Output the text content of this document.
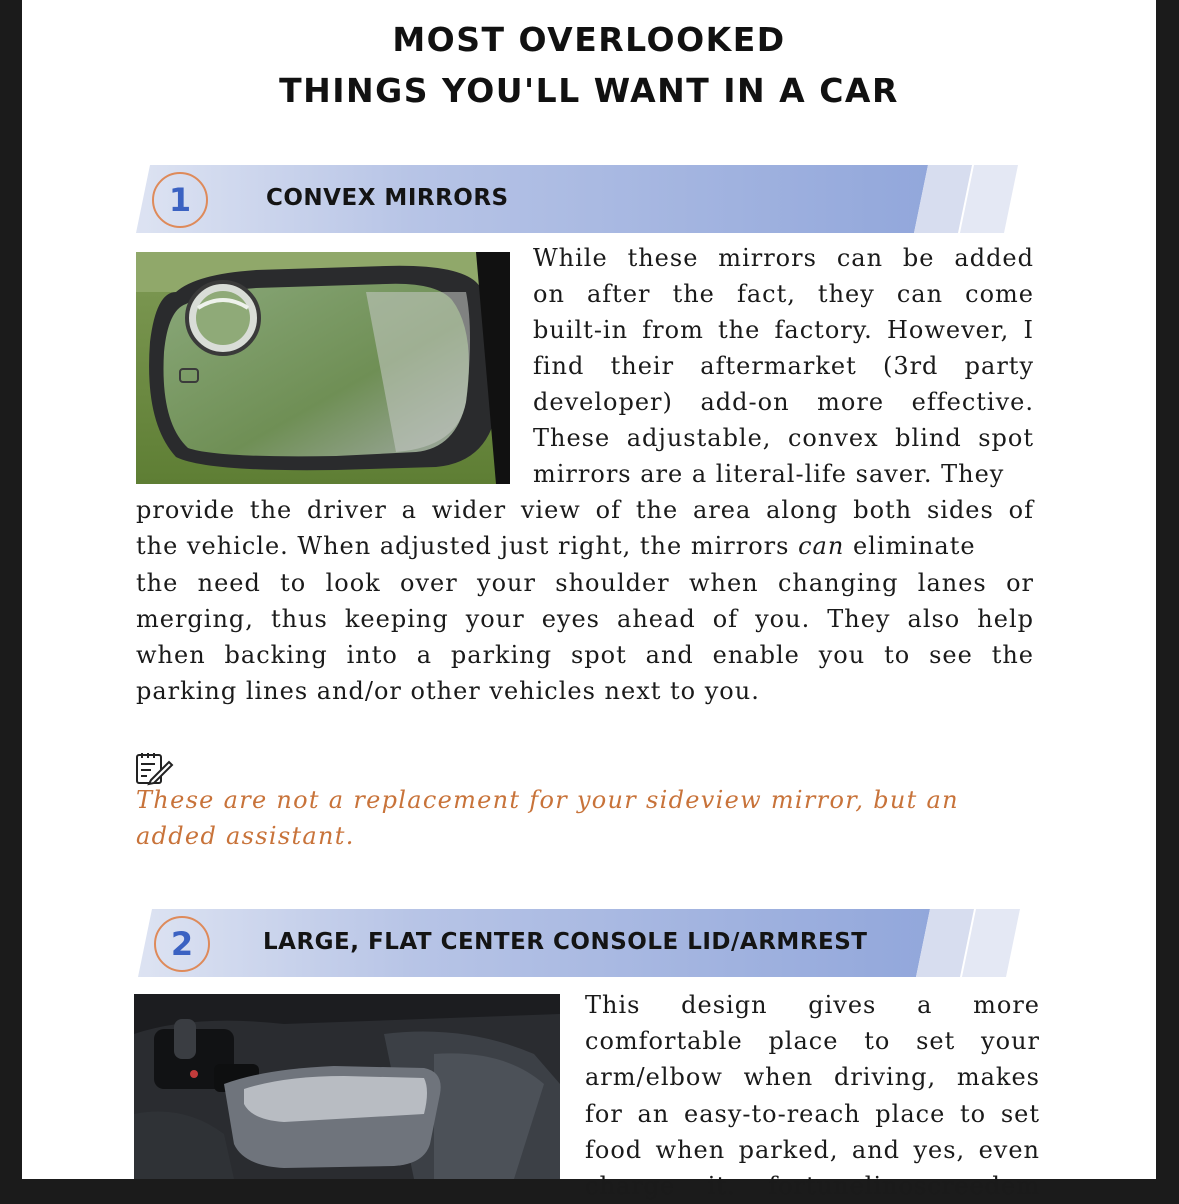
MOST OVERLOOKED
THINGS YOU'LL WANT IN A CAR
1	CONVEX MIRRORS
While these mirrors can be added
on after the fact, they can come
built-in from the factory. However, I
find their aftermarket (3rd party
developer) add-on more effective.
These adjustable, convex blind spot
mirrors are a literal-life saver. They
provide the driver a wider view of the area along both sides of
the vehicle. When adjusted just right, the mirrors can eliminate
the need to look over your shoulder when changing lanes or
merging, thus keeping your eyes ahead of you. They also help
when backing into a parking spot and enable you to see the
parking lines and/or other vehicles next to you.
These are not a replacement for your sideview mirror, but an added assistant.
2	LARGE, FLAT CENTER CONSOLE LID/ARMREST
This design gives a more
comfortable place to set your
arm/elbow when driving, makes
for an easy-to-reach place to set
food when parked, and yes, even
charge it. fortunelinoscreedem
